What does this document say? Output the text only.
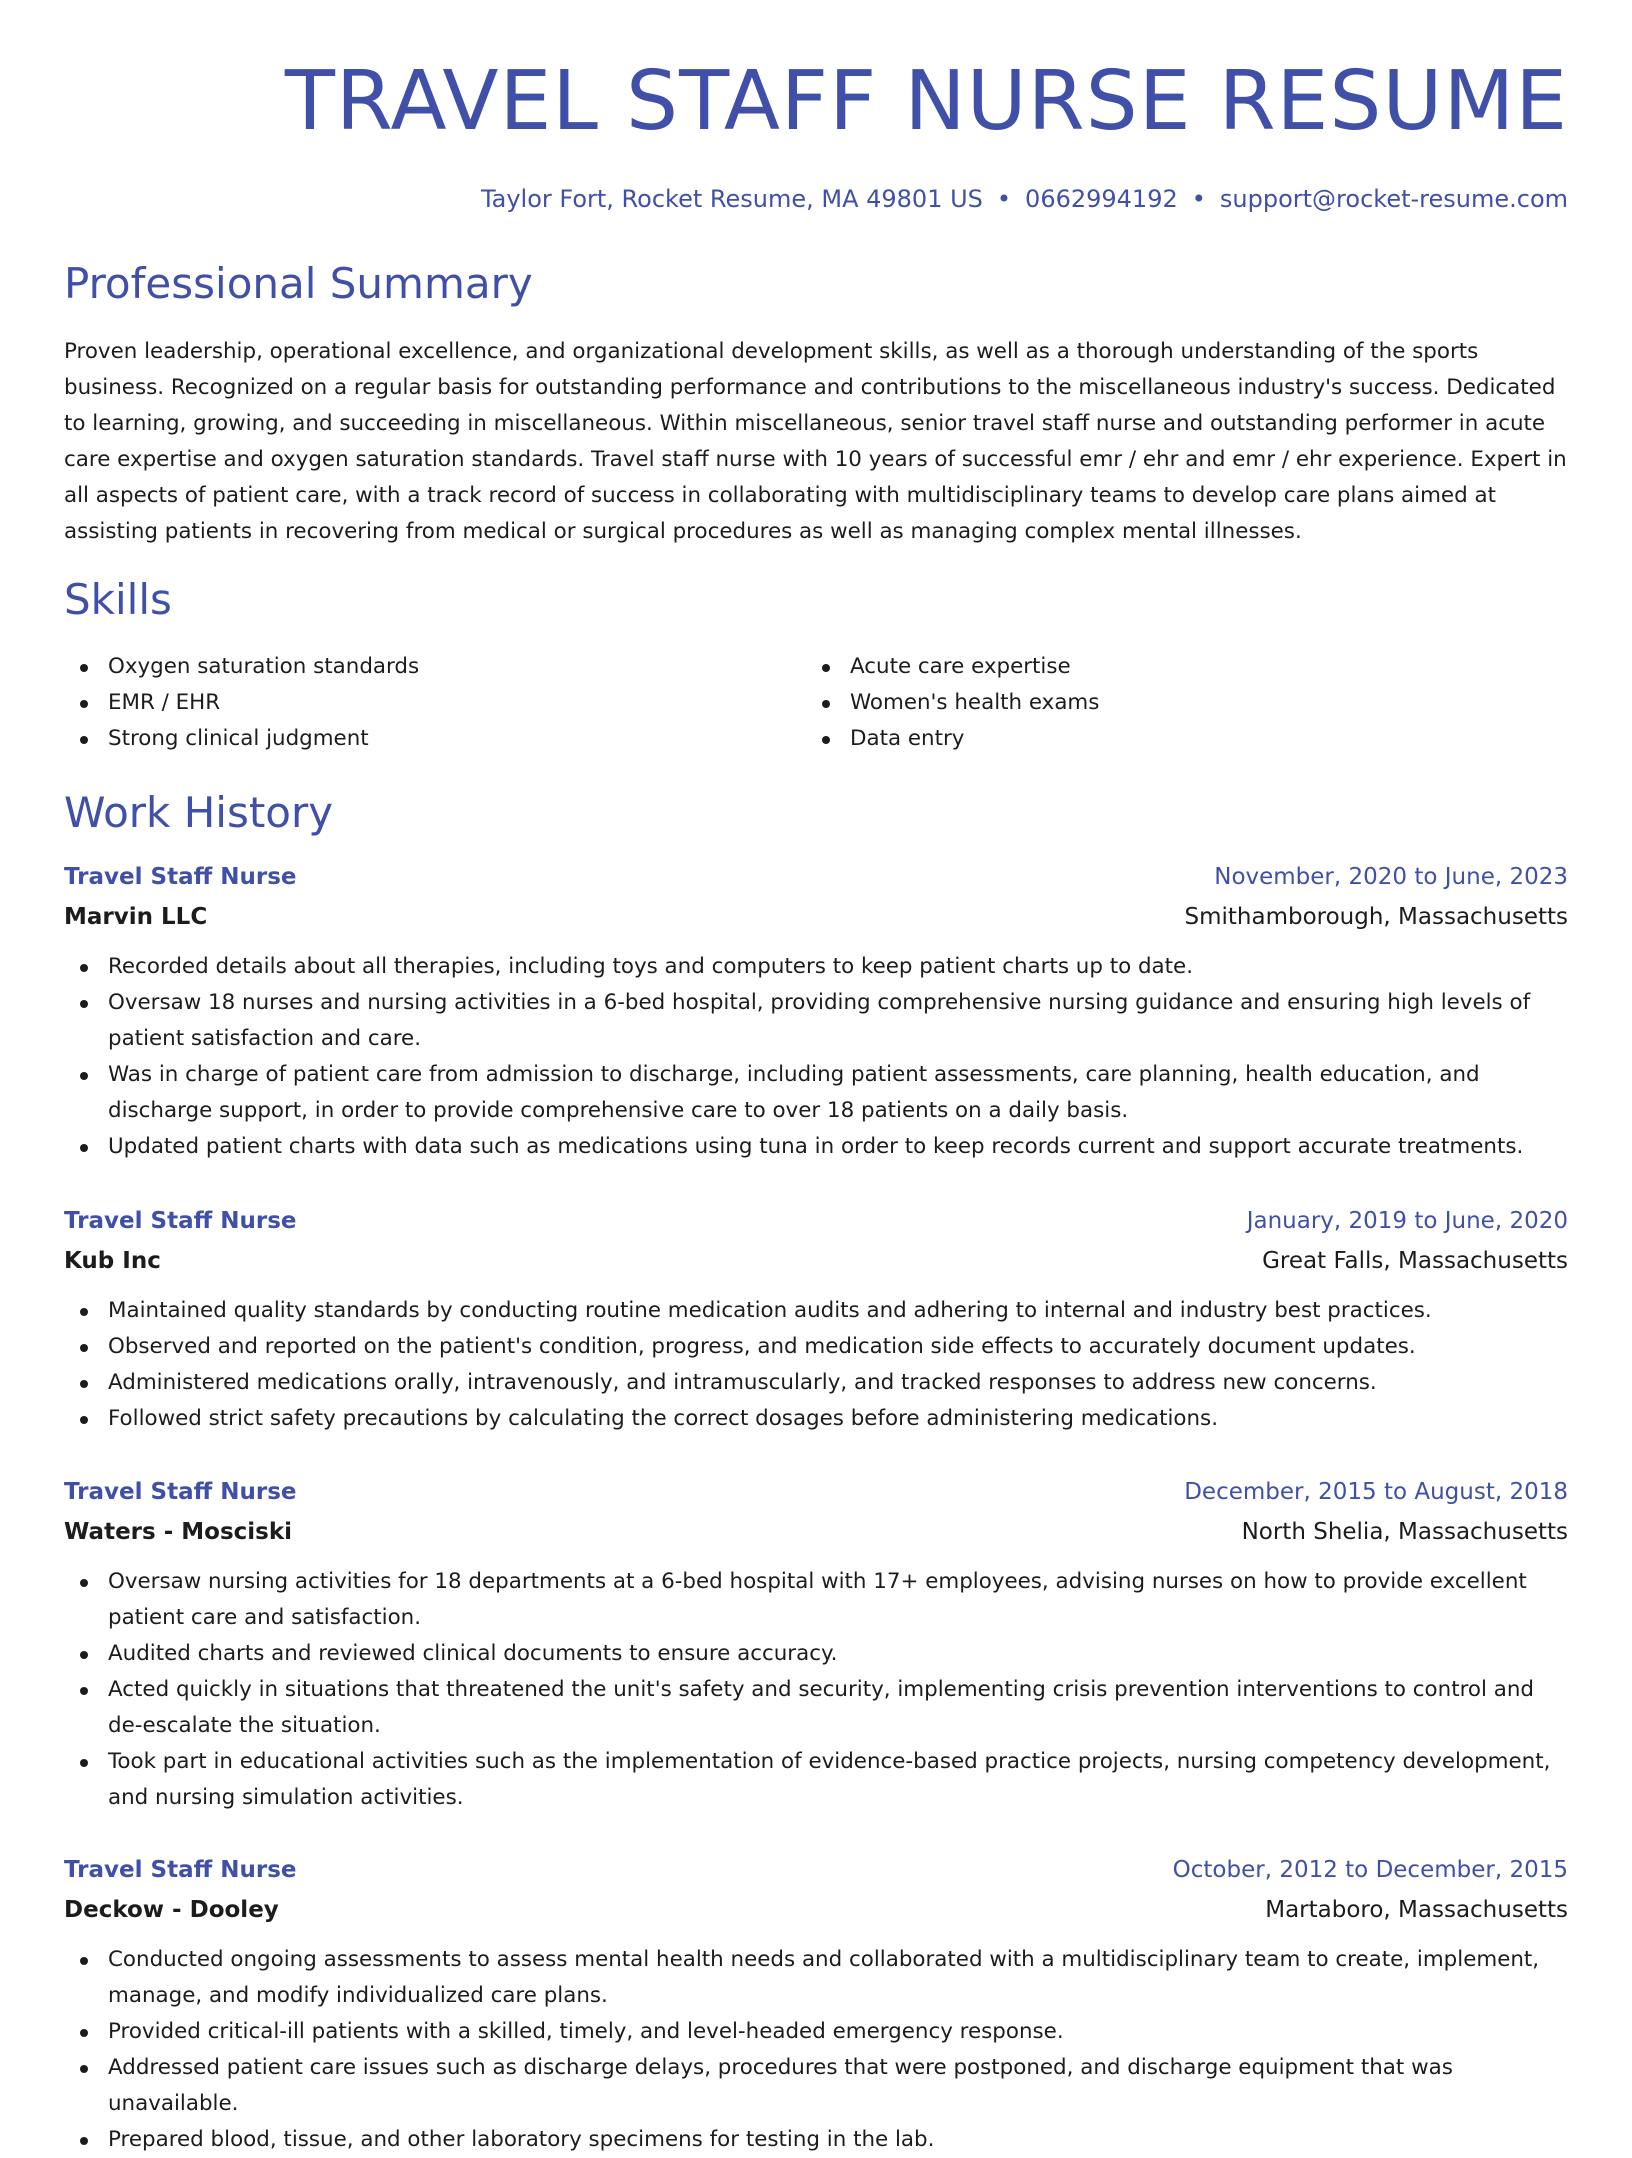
TRAVEL STAFF NURSE RESUME
Taylor Fort, Rocket Resume, MA 49801 US • 0662994192 • support@rocket-resume.com
Professional Summary

Proven leadership, operational excellence, and organizational development skills, as well as a thorough understanding of the sports business. Recognized on a regular basis for outstanding performance and contributions to the miscellaneous industry's success. Dedicated to learning, growing, and succeeding in miscellaneous. Within miscellaneous, senior travel staff nurse and outstanding performer in acute care expertise and oxygen saturation standards. Travel staff nurse with 10 years of successful emr / ehr and emr / ehr experience. Expert in all aspects of patient care, with a track record of success in collaborating with multidisciplinary teams to develop care plans aimed at assisting patients in recovering from medical or surgical procedures as well as managing complex mental illnesses.

Skills
Oxygen saturation standards
EMR / EHR
Strong clinical judgment
Acute care expertise
Women's health exams
Data entry
Work History
Travel Staff Nurse	November, 2020 to June, 2023
Marvin LLC	Smithamborough, Massachusetts
Recorded details about all therapies, including toys and computers to keep patient charts up to date.
Oversaw 18 nurses and nursing activities in a 6-bed hospital, providing comprehensive nursing guidance and ensuring high levels of patient satisfaction and care.
Was in charge of patient care from admission to discharge, including patient assessments, care planning, health education, and discharge support, in order to provide comprehensive care to over 18 patients on a daily basis.
Updated patient charts with data such as medications using tuna in order to keep records current and support accurate treatments.
Travel Staff Nurse	January, 2019 to June, 2020
Kub Inc	Great Falls, Massachusetts
Maintained quality standards by conducting routine medication audits and adhering to internal and industry best practices.
Observed and reported on the patient's condition, progress, and medication side effects to accurately document updates.
Administered medications orally, intravenously, and intramuscularly, and tracked responses to address new concerns.
Followed strict safety precautions by calculating the correct dosages before administering medications.
Travel Staff Nurse	December, 2015 to August, 2018
Waters - Mosciski	North Shelia, Massachusetts
Oversaw nursing activities for 18 departments at a 6-bed hospital with 17+ employees, advising nurses on how to provide excellent patient care and satisfaction.
Audited charts and reviewed clinical documents to ensure accuracy.
Acted quickly in situations that threatened the unit's safety and security, implementing crisis prevention interventions to control and de-escalate the situation.
Took part in educational activities such as the implementation of evidence-based practice projects, nursing competency development, and nursing simulation activities.
Travel Staff Nurse	October, 2012 to December, 2015
Deckow - Dooley	Martaboro, Massachusetts
Conducted ongoing assessments to assess mental health needs and collaborated with a multidisciplinary team to create, implement, manage, and modify individualized care plans.
Provided critical-ill patients with a skilled, timely, and level-headed emergency response.
Addressed patient care issues such as discharge delays, procedures that were postponed, and discharge equipment that was unavailable.
Prepared blood, tissue, and other laboratory specimens for testing in the lab.
